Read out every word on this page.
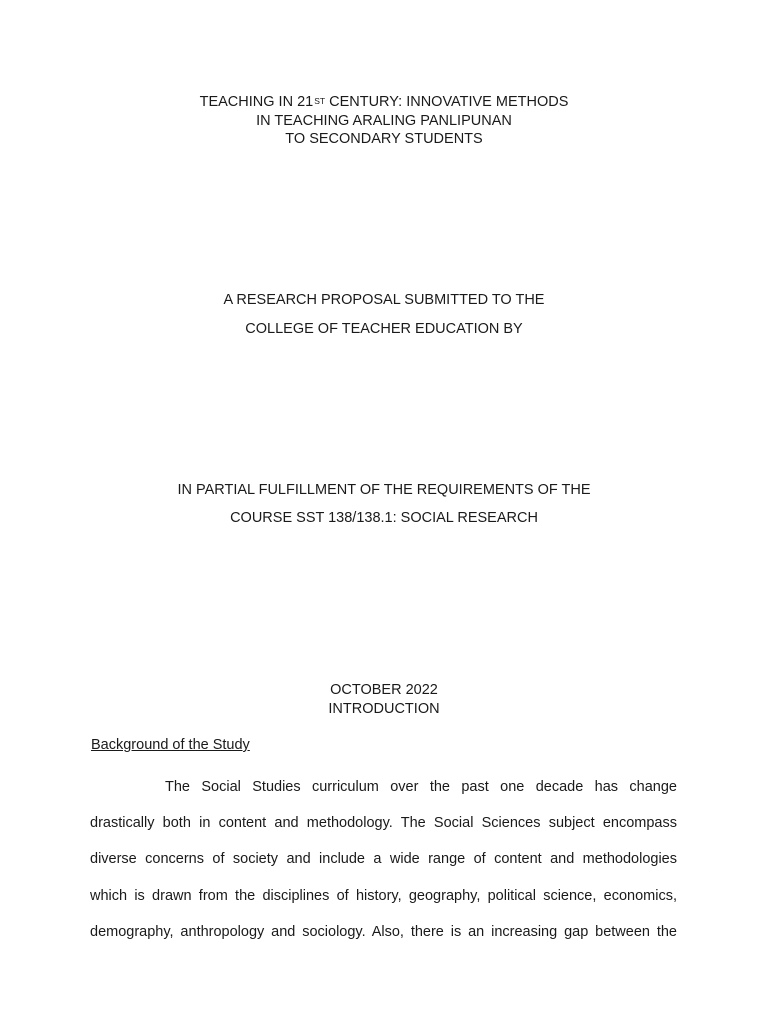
TEACHING IN 21ST CENTURY: INNOVATIVE METHODS
IN TEACHING ARALING PANLIPUNAN
TO SECONDARY STUDENTS
A RESEARCH PROPOSAL SUBMITTED TO THE
COLLEGE OF TEACHER EDUCATION BY
IN PARTIAL FULFILLMENT OF THE REQUIREMENTS OF THE
COURSE SST 138/138.1: SOCIAL RESEARCH
OCTOBER 2022
INTRODUCTION
Background of the Study
The Social Studies curriculum over the past one decade has change
drastically both in content and methodology. The Social Sciences subject encompass
diverse concerns of society and include a wide range of content and methodologies
which is drawn from the disciplines of history, geography, political science, economics,
demography, anthropology and sociology. Also, there is an increasing gap between the
